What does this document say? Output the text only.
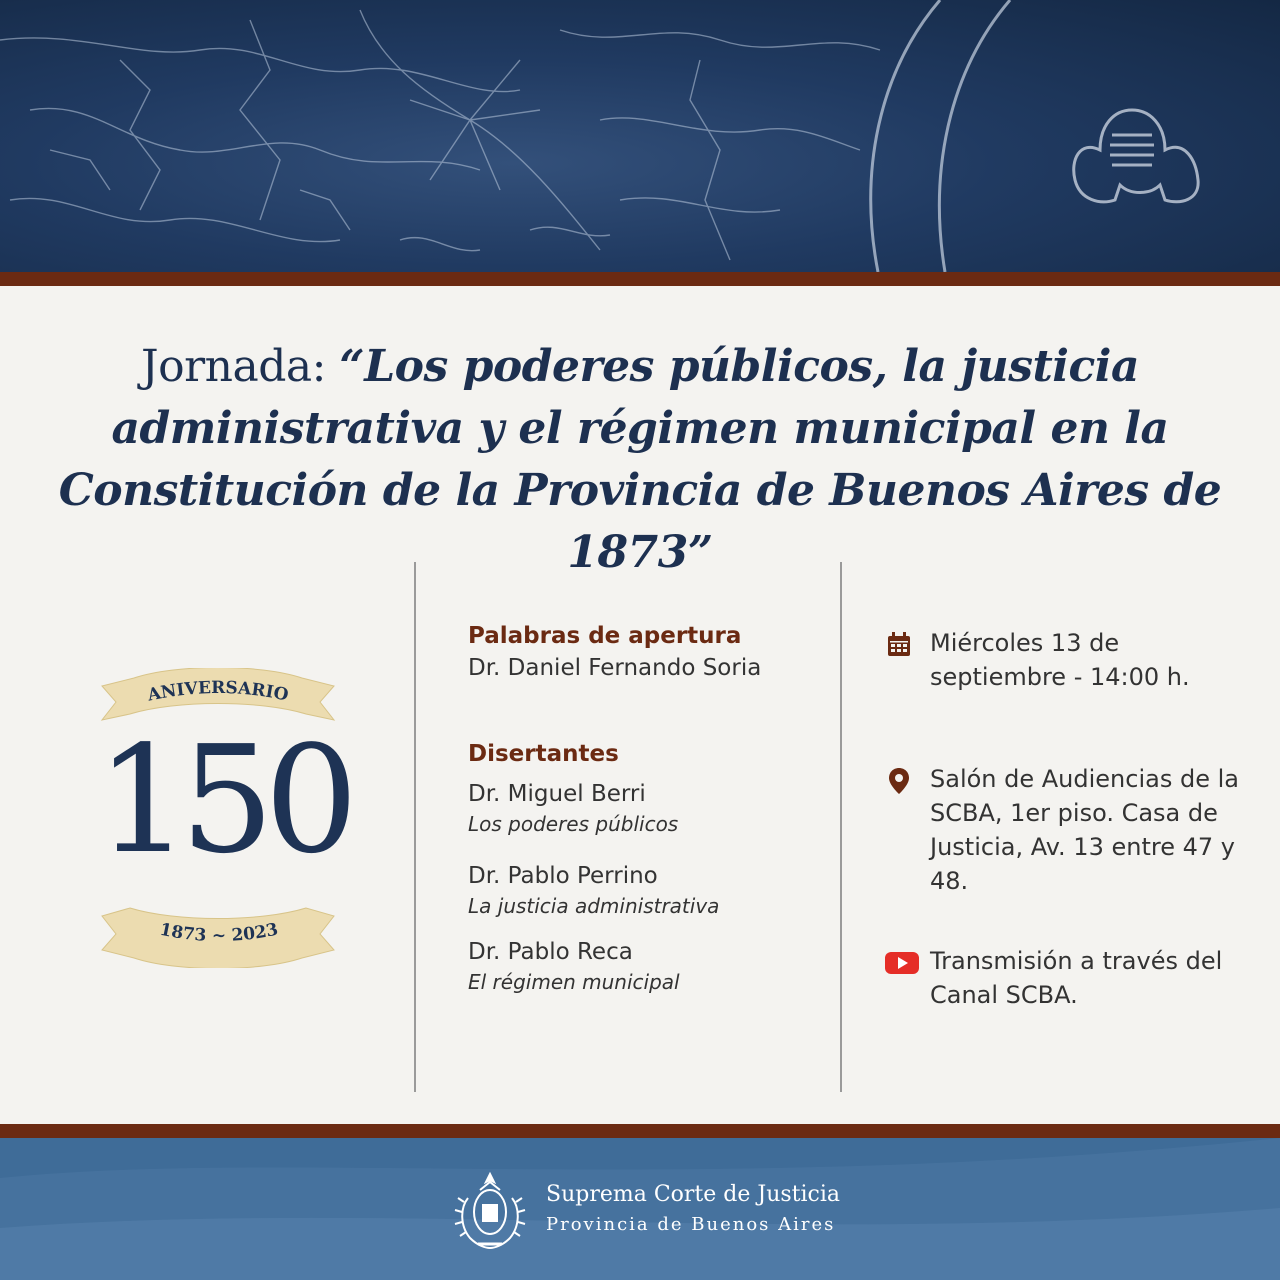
Jornada: “Los poderes públicos, la justicia administrativa y el régimen municipal en la Constitución de la Provincia de Buenos Aires de 1873”
ANIVERSARIO
1873 ~ 2023
150
Palabras de apertura
Dr. Daniel Fernando Soria
Disertantes
Dr. Miguel Berri
Los poderes públicos
Dr. Pablo Perrino
La justicia administrativa
Dr. Pablo Reca
El régimen municipal
Miércoles 13 de septiembre - 14:00 h.
Salón de Audiencias de la SCBA, 1er piso. Casa de Justicia, Av. 13 entre 47 y 48.
Transmisión a través del Canal SCBA.
Suprema Corte de Justicia
Provincia de Buenos Aires
